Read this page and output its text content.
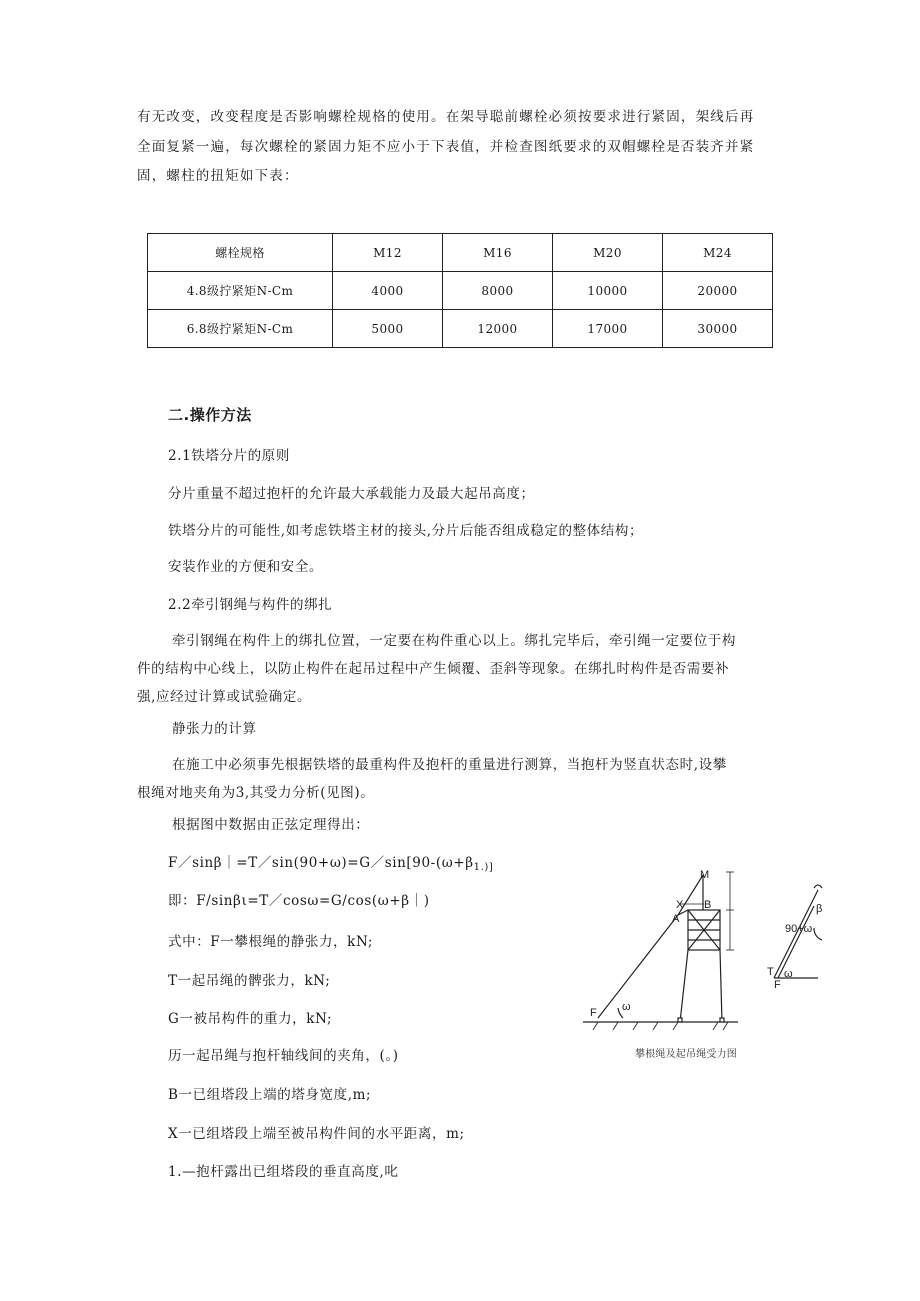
有无改变，改变程度是否影响螺栓规格的使用。在架导聪前螺栓必须按要求进行紧固，架线后再
全面复紧一遍，每次螺栓的紧固力矩不应小于下表值，并检查图纸要求的双帽螺栓是否装齐并紧
固，螺柱的扭矩如下表：
螺栓规格	M12	M16	M20	M24
4.8级拧紧矩N-Cm	4000	8000	10000	20000
6.8级拧紧矩N-Cm	5000	12000	17000	30000
二.操作方法
2.1铁塔分片的原则
分片重量不超过抱杆的允许最大承载能力及最大起吊高度；
铁塔分片的可能性,如考虑铁塔主材的接头,分片后能否组成稳定的整体结构；
安装作业的方便和安全。
2.2牵引钢绳与构件的绑扎
牵引钢绳在构件上的绑扎位置，一定要在构件重心以上。绑扎完毕后，牵引绳一定要位于构
件的结构中心线上，以防止构件在起吊过程中产生倾覆、歪斜等现象。在绑扎时构件是否需要补
强,应经过计算或试验确定。
静张力的计算
在施工中必须事先根据铁塔的最重构件及抱杆的重量进行测算，当抱杆为竖直状态时,设攀
根绳对地夹角为3,其受力分析(见图)。
根据图中数据由正弦定理得出：
$F/\sin\beta|=T/\sin(90+\omega)=G/\sin[90-(\omega+\beta_{1.)]}$
即：F/sinβι=T／cosω=G/cos(ω+β｜)
式中：F一攀根绳的静张力，kN;
T一起吊绳的髀张力，kN;
G一被吊构件的重力，kN;
历一起吊绳与抱杆轴线间的夹角，(。)
B一已组塔段上端的塔身宽度,m;
X一已组塔段上端至被吊构件间的水平距离，m;
1.—抱杆露出已组塔段的垂直高度,叱
M
X B
A
F ω
90+ω
β
T
F
ω
攀根绳及起吊绳受力图
